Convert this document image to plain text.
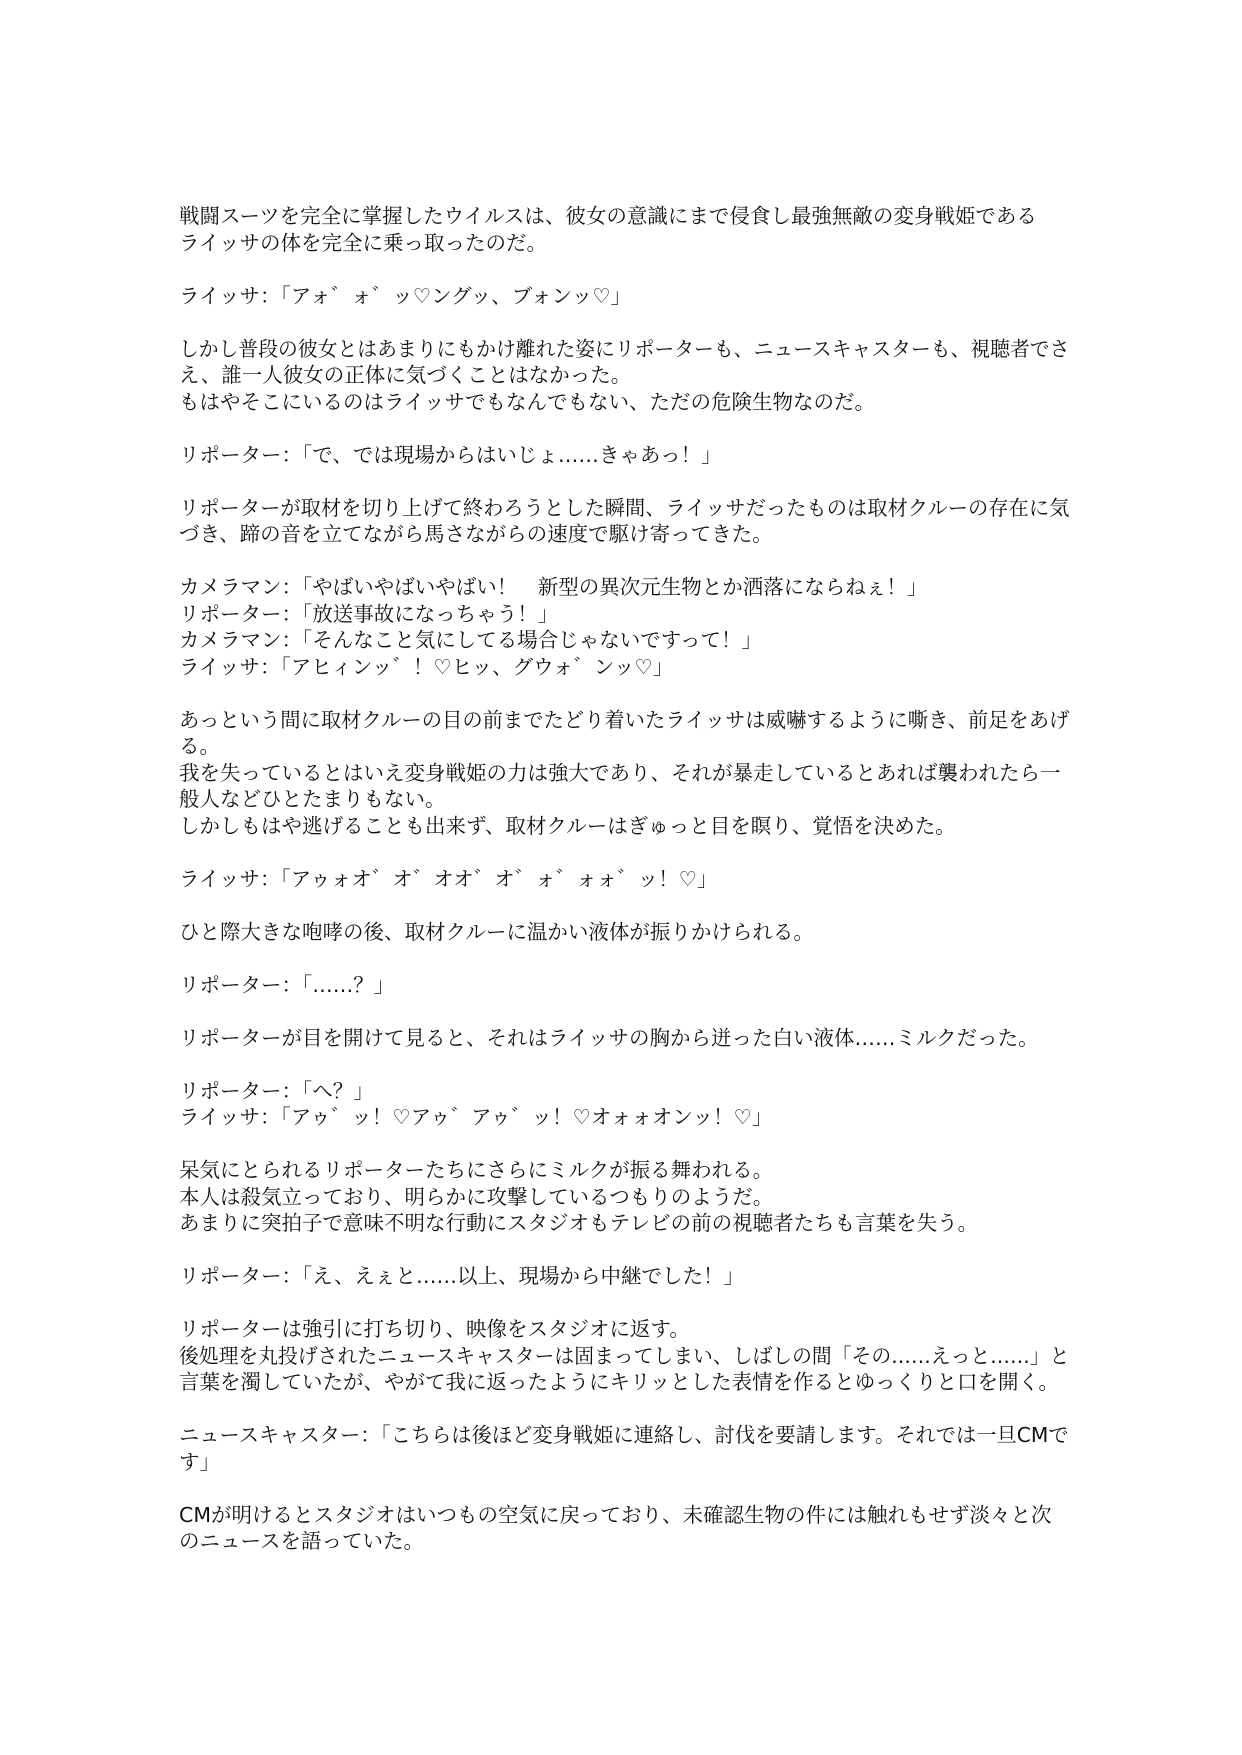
戦闘スーツを完全に掌握したウイルスは、彼女の意識にまで侵食し最強無敵の変身戦姫である
ライッサの体を完全に乗っ取ったのだ。
ライッサ：「アォ゛ォ゛ッ♡ングッ、ブォンッ♡」
しかし普段の彼女とはあまりにもかけ離れた姿にリポーターも、ニュースキャスターも、視聴者でさ
え、誰一人彼女の正体に気づくことはなかった。
もはやそこにいるのはライッサでもなんでもない、ただの危険生物なのだ。
リポーター：「で、では現場からはいじょ……きゃあっ！」
リポーターが取材を切り上げて終わろうとした瞬間、ライッサだったものは取材クルーの存在に気
づき、蹄の音を立てながら馬さながらの速度で駆け寄ってきた。
カメラマン：「やばいやばいやばい！　新型の異次元生物とか洒落にならねぇ！」
リポーター：「放送事故になっちゃう！」
カメラマン：「そんなこと気にしてる場合じゃないですって！」
ライッサ：「アヒィンッ゛！♡ヒッ、グウォ゛ンッ♡」
あっという間に取材クルーの目の前までたどり着いたライッサは威嚇するように嘶き、前足をあげ
る。
我を失っているとはいえ変身戦姫の力は強大であり、それが暴走しているとあれば襲われたら一
般人などひとたまりもない。
しかしもはや逃げることも出来ず、取材クルーはぎゅっと目を瞑り、覚悟を決めた。
ライッサ：「アゥォオ゛オ゛オオ゛オ゛ォ゛ォォ゛ッ！♡」
ひと際大きな咆哮の後、取材クルーに温かい液体が振りかけられる。
リポーター：「……？」
リポーターが目を開けて見ると、それはライッサの胸から迸った白い液体……ミルクだった。
リポーター：「へ？」
ライッサ：「アゥ゛ッ！♡アゥ゛アゥ゛ッ！♡オォォオンッ！♡」
呆気にとられるリポーターたちにさらにミルクが振る舞われる。
本人は殺気立っており、明らかに攻撃しているつもりのようだ。
あまりに突拍子で意味不明な行動にスタジオもテレビの前の視聴者たちも言葉を失う。
リポーター：「え、えぇと……以上、現場から中継でした！」
リポーターは強引に打ち切り、映像をスタジオに返す。
後処理を丸投げされたニュースキャスターは固まってしまい、しばしの間「その……えっと……」と
言葉を濁していたが、やがて我に返ったようにキリッとした表情を作るとゆっくりと口を開く。
ニュースキャスター：「こちらは後ほど変身戦姫に連絡し、討伐を要請します。それでは一旦CMで
す」
CMが明けるとスタジオはいつもの空気に戻っており、未確認生物の件には触れもせず淡々と次
のニュースを語っていた。
